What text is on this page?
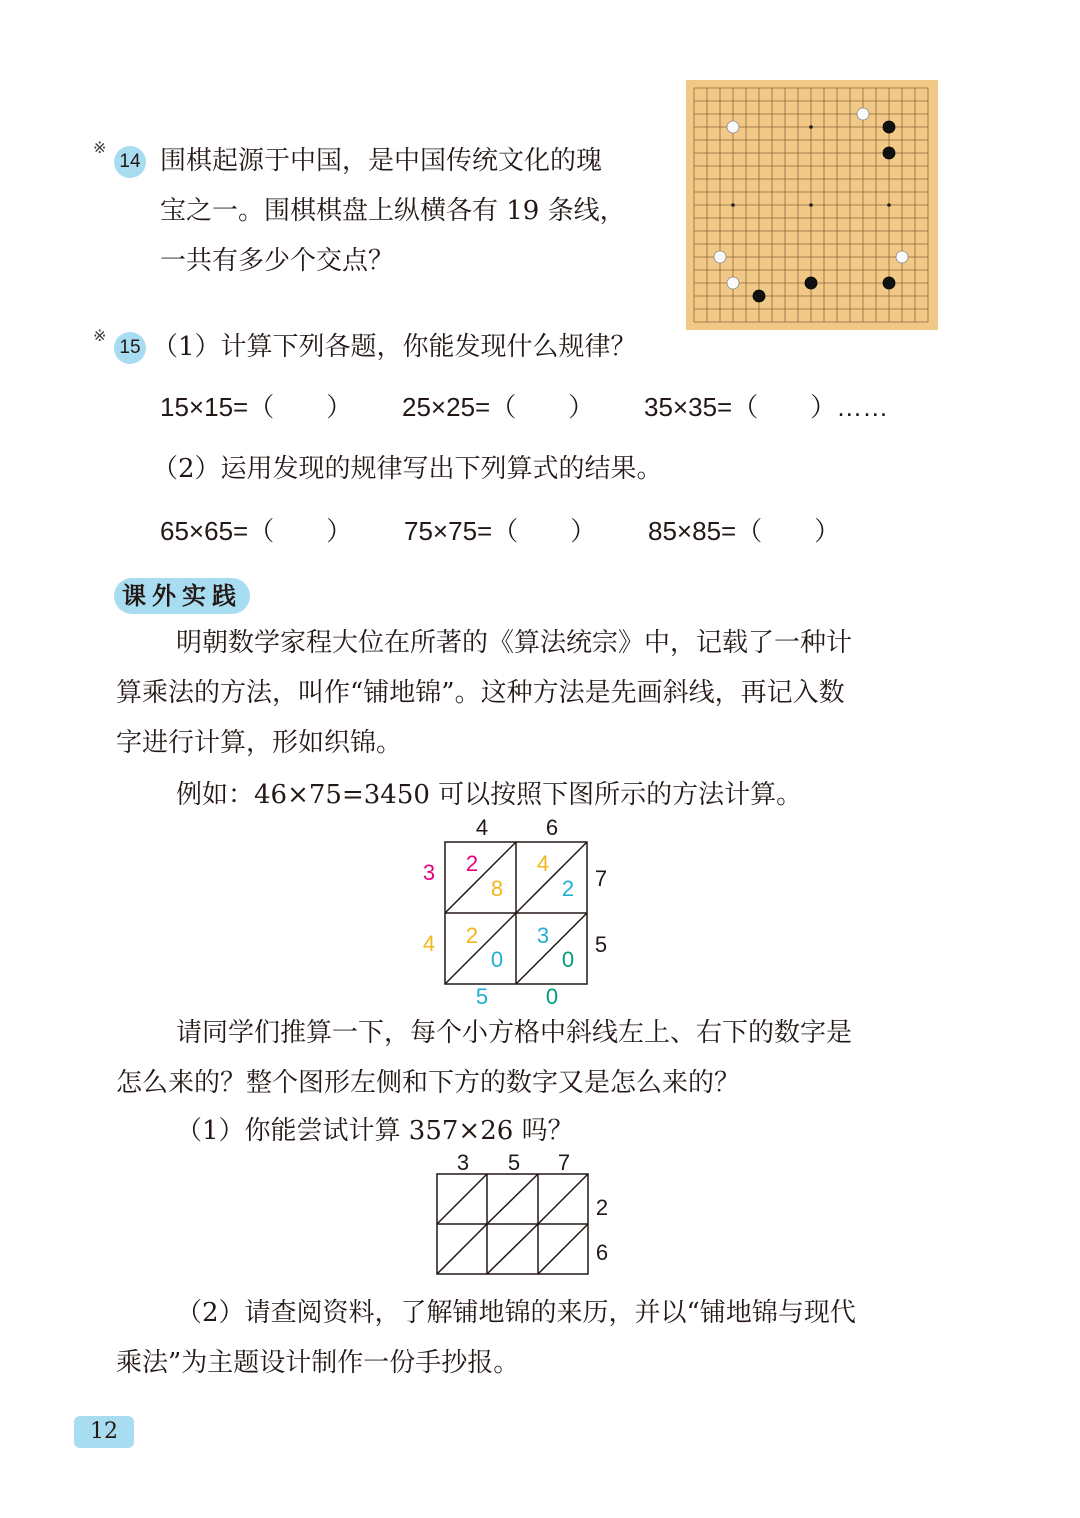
※
14 围棋起源于中国，是中国传统文化的瑰
宝之一。围棋棋盘上纵横各有 19 条线，
一共有多少个交点？
※
15 （1）计算下列各题，你能发现什么规律？
15×15=（　　） 25×25=（　　） 35×35=（　　）……
（2）运用发现的规律写出下列算式的结果。
65×65=（　　） 75×75=（　　） 85×85=（　　）
课外实践
明朝数学家程大位在所著的《算法统宗》中，记载了一种计
算乘法的方法，叫作“铺地锦”。这种方法是先画斜线，再记入数
字进行计算，形如织锦。
例如：46×75=3450 可以按照下图所示的方法计算。
4	6
7
5
3
4
5	0
2
8
4
2
2
0
3
0
请同学们推算一下，每个小方格中斜线左上、右下的数字是
怎么来的？整个图形左侧和下方的数字又是怎么来的？
（1）你能尝试计算 357×26 吗？
3 5 7
2
6
（2）请查阅资料，了解铺地锦的来历，并以“铺地锦与现代
乘法”为主题设计制作一份手抄报。
12
